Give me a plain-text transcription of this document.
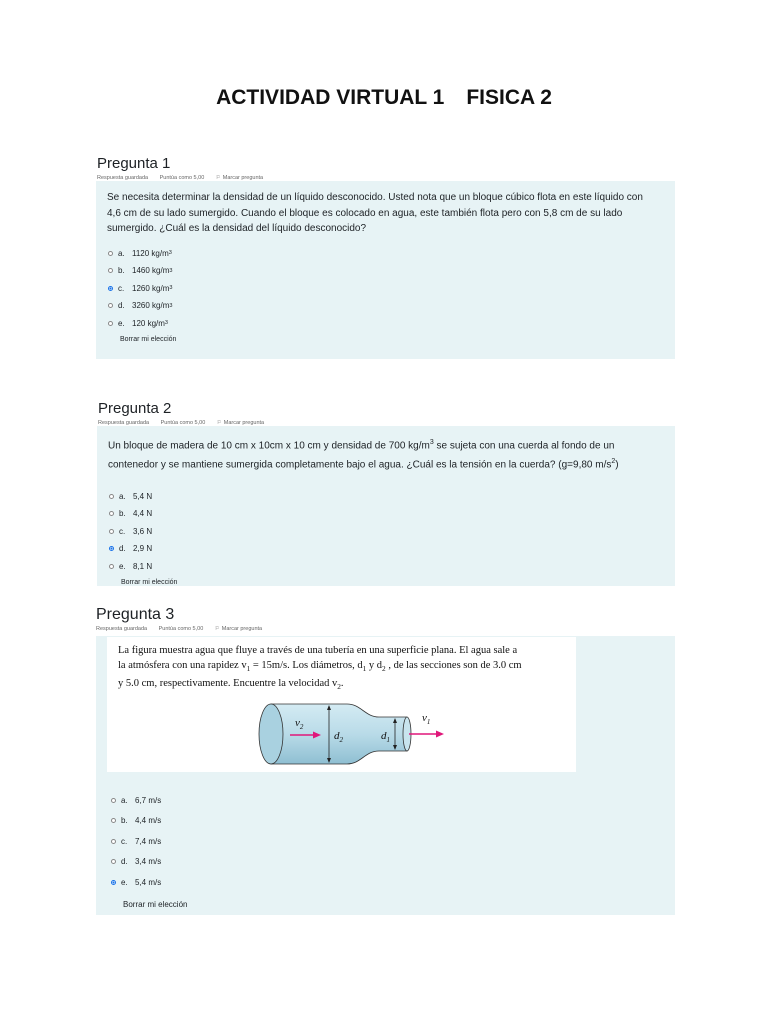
ACTIVIDAD VIRTUAL 1 FISICA 2
Pregunta 1
Respuesta guardada Puntúa como 5,00 ⚐ Marcar pregunta
Se necesita determinar la densidad de un líquido desconocido. Usted nota que un bloque cúbico flota en este líquido con
4,6 cm de su lado sumergido. Cuando el bloque es colocado en agua, este también flota pero con 5,8 cm de su lado
sumergido. ¿Cuál es la densidad del líquido desconocido?
a. 1120 kg/m 3
b. 1460 kg/m 3
c. 1260 kg/m 3
d. 3260 kg/m 3
e. 120 kg/m 3
Borrar mi elección
Pregunta 2
Respuesta guardada Puntúa como 5,00 ⚐ Marcar pregunta
Un bloque de madera de 10 cm x 10cm x 10 cm y densidad de 700 $kg/m^3$ se sujeta con una cuerda al fondo de un
contenedor y se mantiene sumergida completamente bajo el agua. ¿Cuál es la tensión en la cuerda? (g=9,80 $m/s^2$)
a. 5,4 N
b. 4,4 N
c. 3,6 N
d. 2,9 N
e. 8,1 N
Borrar mi elección
Pregunta 3
Respuesta guardada Puntúa como 5,00 ⚐ Marcar pregunta
La figura muestra agua que fluye a través de una tubería en una superficie plana. El agua sale a
la atmósfera con una rapidez $v_1 = 15m/s$. Los diámetros, $d_1$ y $d_2$ , de las secciones son de 3.0 cm
y 5.0 cm, respectivamente. Encuentre la velocidad $v_2$.
$v_2$
$d_2$	$d_1$
$v_1$
a. 6,7 m/s
b. 4,4 m/s
c. 7,4 m/s
d. 3,4 m/s
e. 5,4 m/s
Borrar mi elección
